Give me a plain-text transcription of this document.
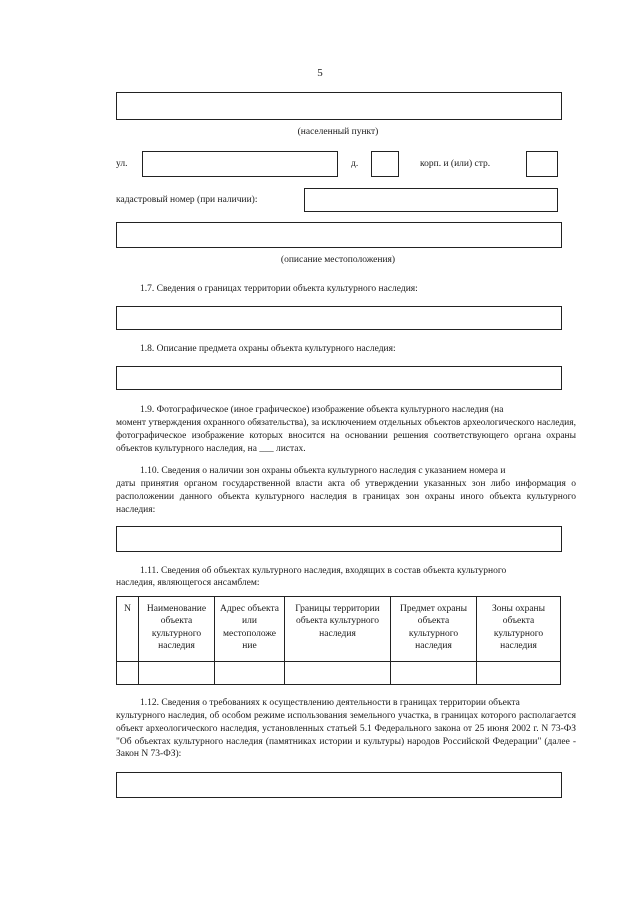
5
(населенный пункт)
ул.	д.	корп. и (или) стр.
кадастровый номер (при наличии):
(описание местоположения)
1.7. Сведения о границах территории объекта культурного наследия:
1.8. Описание предмета охраны объекта культурного наследия:
1.9. Фотографическое (иное графическое) изображение объекта культурного наследия (на
момент утверждения охранного обязательства), за исключением отдельных объектов археологического наследия, фотографическое изображение которых вносится на основании решения соответствующего органа охраны объектов культурного наследия, на ___ листах.
1.10. Сведения о наличии зон охраны объекта культурного наследия с указанием номера и
даты принятия органом государственной власти акта об утверждении указанных зон либо информация о расположении данного объекта культурного наследия в границах зон охраны иного объекта культурного наследия:
1.11. Сведения об объектах культурного наследия, входящих в состав объекта культурного
наследия, являющегося ансамблем:
N	Наименование объекта культурного наследия	Адрес объекта или местоположе ние	Границы территории объекта культурного наследия	Предмет охраны объекта культурного наследия	Зоны охраны объекта культурного наследия

1.12. Сведения о требованиях к осуществлению деятельности в границах территории объекта
культурного наследия, об особом режиме использования земельного участка, в границах которого располагается объект археологического наследия, установленных статьей 5.1 Федерального закона от 25 июня 2002 г. N 73-ФЗ "Об объектах культурного наследия (памятниках истории и культуры) народов Российской Федерации" (далее - Закон N 73-ФЗ):
